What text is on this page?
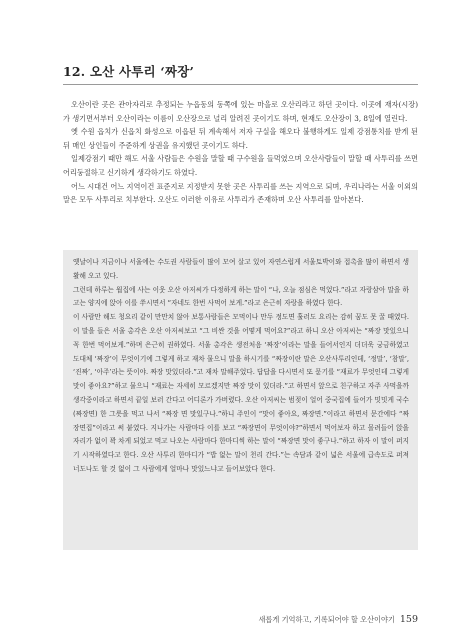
12. 오산 사투리 ‘짜장’

오산이란 곳은 관아자리로 추정되는 누읍동의 동쪽에 있는 마을로 오산리라고 하던 곳이다. 이곳에 재자(시장)가 생기면서부터 오산이라는 이름이 오산장으로 널리 알려진 곳이기도 하며, 현재도 오산장이 3, 8일에 열린다.

옛 수원 읍치가 신읍치 화성으로 이읍된 뒤 계속해서 저자 구실을 해오다 불행하게도 일제 강점통치를 받게 된 뒤 매인 상인들이 주준하게 상권을 유지했던 곳이기도 하다.

일제강점기 때만 해도 서울 사람들은 수원을 말할 때 구수원을 들먹였으며 오산사람들이 말할 때 사투리를 쓰면 어리둥절하고 신기하게 생각하기도 하였다.

어느 시대건 어느 지역이건 표준지로 지정받지 못한 곳은 사투리를 쓰는 지역으로 되며, 우리나라는 서울 이외의 말은 모두 사투리로 치부한다. 오산도 이러한 이유로 사투리가 존재하며 오산 사투리를 알아본다.

옛날이나 지금이나 서울에는 수도권 사람들이 많이 모여 살고 있어 자연스럽게 서울토박이와 접촉을 많이 하면서 생활해 오고 있다.

그런데 하루는 웝집에 사는 이웃 오산 아저씨가 다정하게 하는 말이 “나, 오늘 점심은 먹었다.”라고 자랑삼아 말을 하고는 양지에 앉아 이를 쑤시면서 “자네도 한번 사먹어 보게.”라고 은근히 자랑을 하였다 한다.

이 사람만 해도 청요리 같이 만만치 않아 보통사람들은 모먹이나 만두 정도면 훌러도 요리는 감히 꿈도 못 꿀 때였다. 이 말을 들은 서울 총각은 오산 아저씨보고 “그 비싼 것을 어떻게 먹어요?”라고 하니 오산 아저씨는 “짜장 맛있으니 꼭 한번 먹어보게.”하며 은근히 권하였다. 서울 총각은 생전처음 ‘짜장’이라는 말을 들어서인지 더더욱 궁금하였고 도대체 ‘짜장’이 무엇이기에 그렇게 하고 재차 물으니 말을 하시기를 “짜장이란 말은 오산사투리인데, ‘정말’, ‘참말’, ‘진짜’, ‘아주’라는 뜻이야. 짜장 맛있더라.”고 재차 말해주었다. 답답을 다시면서 또 묻기를 “재료가 무엇인데 그렇게 맛이 좋아요?”하고 물으니 “재료는 자세히 모르겠지만 짜장 맛이 있더라.”고 하면서 앞으로 친구하고 자주 사먹을까 생각중이라고 하면서 끝일 보러 간다고 어디론가 가버렸다. 오산 아저씨는 범젖이 얼어 중국집에 들어가 밋밋게 국수(짜장면) 한 그릇을 먹고 나서 “짜장 면 맛있구나.”하니 주인이 “맛이 좋아요, 짜장면.”이라고 하면서 문간에다 “짜장면집”이라고 써 붙였다. 지나가는 사람마다 이를 보고 “짜장면이 무엇이야?”하면서 먹어보자 하고 몰려들어 앉을 자리가 없이 꽉 차게 되었고 먹고 나오는 사람마다 한마디씩 하는 말이 “짜장면 맛이 좋구나.”하고 하자 이 말이 퍼지기 시작하였다고 한다. 오산 사투리 한마디가 “밥 없는 말이 천리 간다.”는 속담과 같이 넓은 서울에 급속도로 퍼져 너도나도 할 것 없이 그 사람에게 얼마나 맛있느냐고 들어보았다 한다.

새롭게 기억하고, 기록되어야 할 오산이야기 159
